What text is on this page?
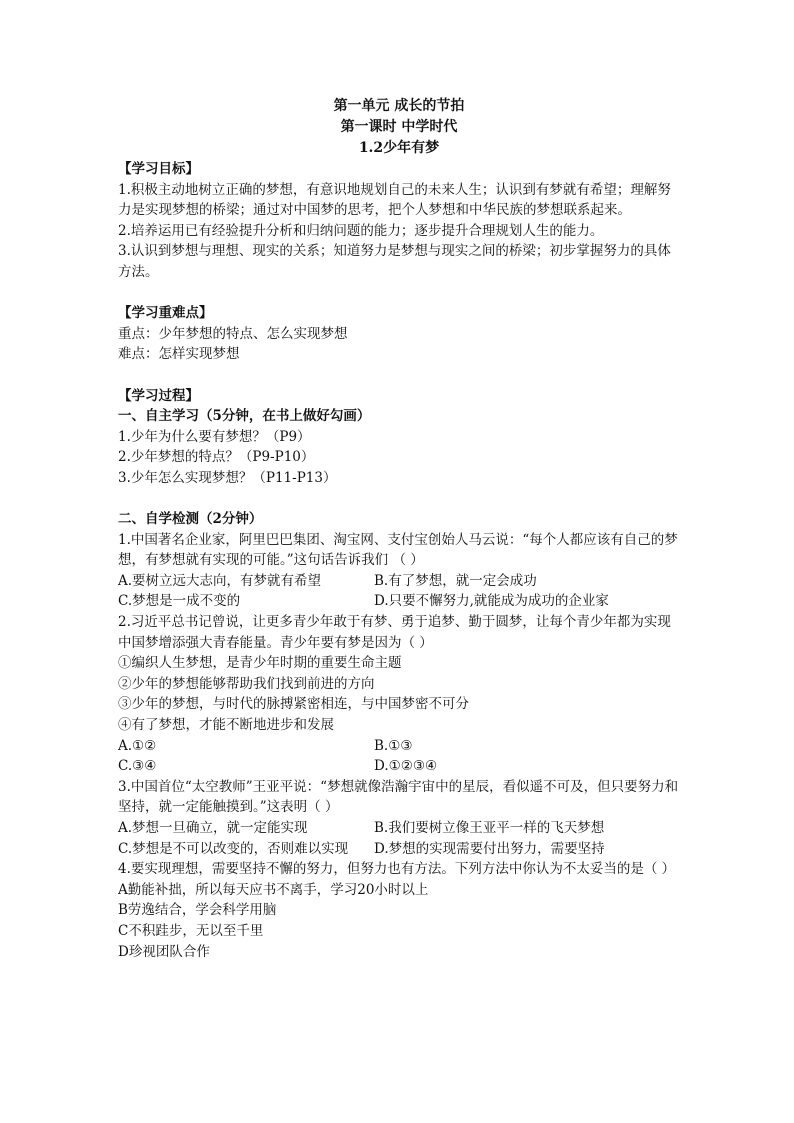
第一单元 成长的节拍
第一课时 中学时代
1.2少年有梦
【学习目标】
1.积极主动地树立正确的梦想，有意识地规划自己的未来人生；认识到有梦就有希望；理解努力是实现梦想的桥梁；通过对中国梦的思考，把个人梦想和中华民族的梦想联系起来。
2.培养运用已有经验提升分析和归纳问题的能力；逐步提升合理规划人生的能力。
3.认识到梦想与理想、现实的关系；知道努力是梦想与现实之间的桥梁；初步掌握努力的具体方法。
【学习重难点】
重点：少年梦想的特点、怎么实现梦想
难点：怎样实现梦想
【学习过程】
一、自主学习（5分钟，在书上做好勾画）
1.少年为什么要有梦想？（P9）
2.少年梦想的特点？（P9-P10）
3.少年怎么实现梦想？（P11-P13）
二、自学检测（2分钟）
1.中国著名企业家，阿里巴巴集团、淘宝网、支付宝创始人马云说：“每个人都应该有自己的梦想，有梦想就有实现的可能。”这句话告诉我们 （ ）
A.要树立远大志向，有梦就有希望	B.有了梦想，就一定会成功
C.梦想是一成不变的	D.只要不懈努力,就能成为成功的企业家
2.习近平总书记曾说，让更多青少年敢于有梦、勇于追梦、勤于圆梦，让每个青少年都为实现中国梦增添强大青春能量。青少年要有梦是因为（ ）
①编织人生梦想，是青少年时期的重要生命主题
②少年的梦想能够帮助我们找到前进的方向
③少年的梦想，与时代的脉搏紧密相连，与中国梦密不可分
④有了梦想，才能不断地进步和发展
A.①②	B.①③
C.③④	D.①②③④
3.中国首位“太空教师”王亚平说：“梦想就像浩瀚宇宙中的星辰，看似遥不可及，但只要努力和坚持，就一定能触摸到。”这表明（ ）
A.梦想一旦确立，就一定能实现	B.我们要树立像王亚平一样的飞天梦想
C.梦想是不可以改变的，否则难以实现	D.梦想的实现需要付出努力，需要坚持
4.要实现理想，需要坚持不懈的努力，但努力也有方法。下列方法中你认为不太妥当的是（ ）
A勤能补拙，所以每天应书不离手，学习20小时以上
B劳逸结合，学会科学用脑
C不积跬步，无以至千里
D珍视团队合作
